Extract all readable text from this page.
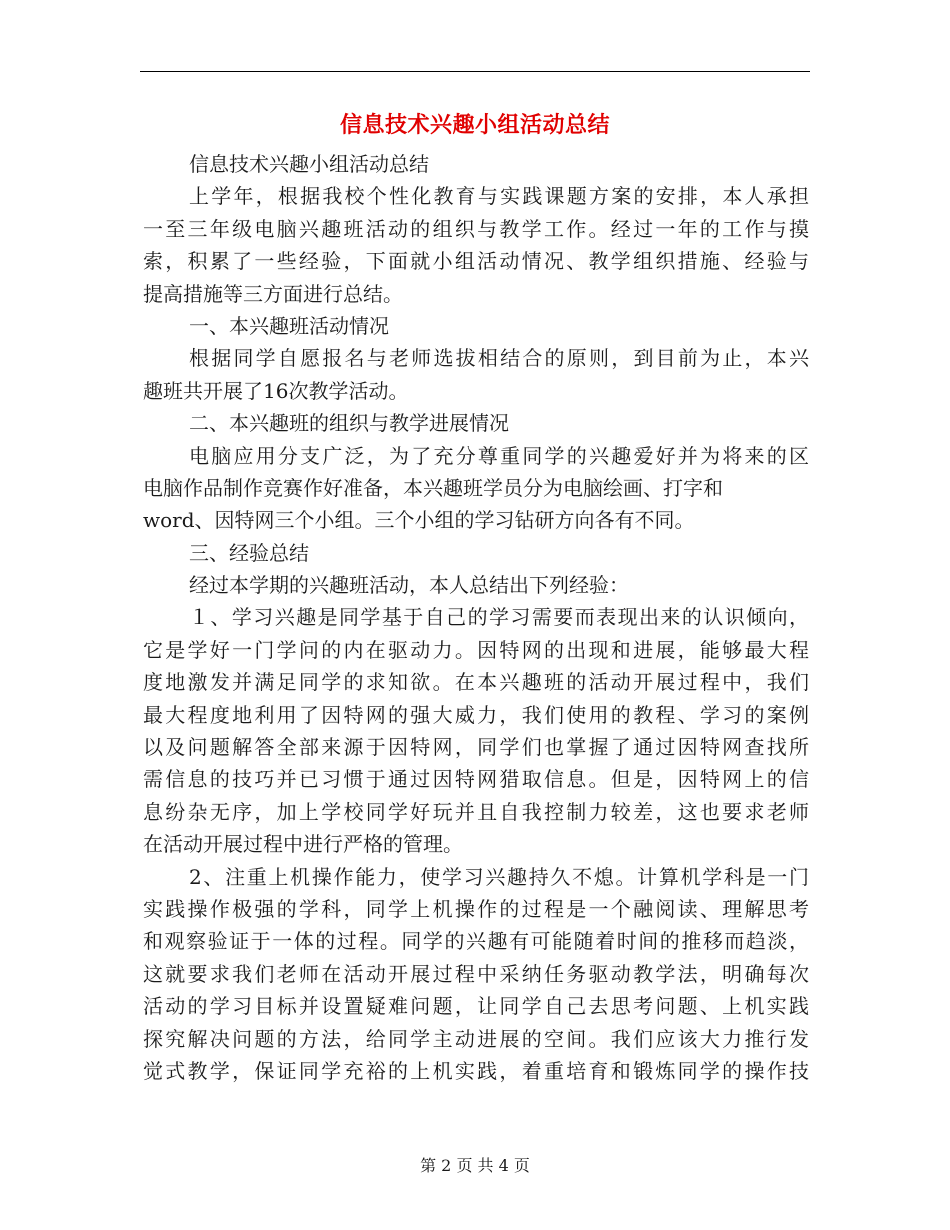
信息技术兴趣小组活动总结
信息技术兴趣小组活动总结
上学年，根据我校个性化教育与实践课题方案的安排，本人承担
一至三年级电脑兴趣班活动的组织与教学工作。经过一年的工作与摸
索，积累了一些经验，下面就小组活动情况、教学组织措施、经验与
提高措施等三方面进行总结。
一、本兴趣班活动情况
根据同学自愿报名与老师选拔相结合的原则，到目前为止，本兴
趣班共开展了16次教学活动。
二、本兴趣班的组织与教学进展情况
电脑应用分支广泛，为了充分尊重同学的兴趣爱好并为将来的区
电脑作品制作竞赛作好准备，本兴趣班学员分为电脑绘画、打字和
word、因特网三个小组。三个小组的学习钻研方向各有不同。
三、经验总结
经过本学期的兴趣班活动，本人总结出下列经验：
１、学习兴趣是同学基于自己的学习需要而表现出来的认识倾向，
它是学好一门学问的内在驱动力。因特网的出现和进展，能够最大程
度地激发并满足同学的求知欲。在本兴趣班的活动开展过程中，我们
最大程度地利用了因特网的强大威力，我们使用的教程、学习的案例
以及问题解答全部来源于因特网，同学们也掌握了通过因特网查找所
需信息的技巧并已习惯于通过因特网猎取信息。但是，因特网上的信
息纷杂无序，加上学校同学好玩并且自我控制力较差，这也要求老师
在活动开展过程中进行严格的管理。
2、注重上机操作能力，使学习兴趣持久不熄。计算机学科是一门
实践操作极强的学科，同学上机操作的过程是一个融阅读、理解思考
和观察验证于一体的过程。同学的兴趣有可能随着时间的推移而趋淡，
这就要求我们老师在活动开展过程中采纳任务驱动教学法，明确每次
活动的学习目标并设置疑难问题，让同学自己去思考问题、上机实践
探究解决问题的方法，给同学主动进展的空间。我们应该大力推行发
觉式教学，保证同学充裕的上机实践，着重培育和锻炼同学的操作技
第 2 页 共 4 页
